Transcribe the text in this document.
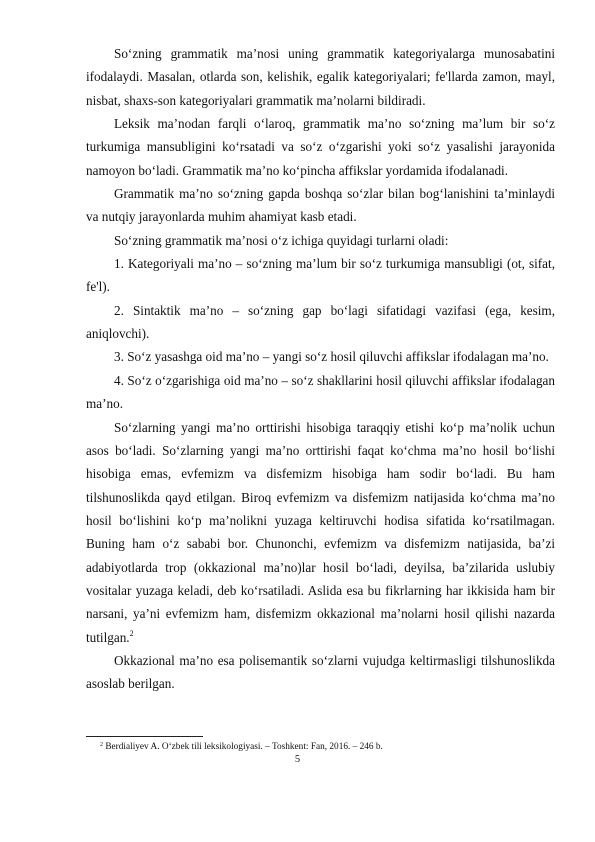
So‘zning grammatik ma’nosi uning grammatik kategoriyalarga munosabatini ifodalaydi. Masalan, otlarda son, kelishik, egalik kategoriyalari; fe'llarda zamon, mayl, nisbat, shaxs-son kategoriyalari grammatik ma’nolarni bildiradi.

Leksik ma’nodan farqli o‘laroq, grammatik ma’no so‘zning ma’lum bir so‘z turkumiga mansubligini ko‘rsatadi va so‘z o‘zgarishi yoki so‘z yasalishi jarayonida namoyon bo‘ladi. Grammatik ma’no ko‘pincha affikslar yordamida ifodalanadi.

Grammatik ma’no so‘zning gapda boshqa so‘zlar bilan bog‘lanishini ta’minlaydi va nutqiy jarayonlarda muhim ahamiyat kasb etadi.

So‘zning grammatik ma’nosi o‘z ichiga quyidagi turlarni oladi:

1. Kategoriyali ma’no – so‘zning ma’lum bir so‘z turkumiga mansubligi (ot, sifat, fe'l).

2. Sintaktik ma’no – so‘zning gap bo‘lagi sifatidagi vazifasi (ega, kesim, aniqlovchi).

3. So‘z yasashga oid ma’no – yangi so‘z hosil qiluvchi affikslar ifodalagan ma’no.

4. So‘z o‘zgarishiga oid ma’no – so‘z shakllarini hosil qiluvchi affikslar ifodalagan ma’no.

So‘zlarning yangi ma’no orttirishi hisobiga taraqqiy etishi ko‘p ma’nolik uchun asos bo‘ladi. So‘zlarning yangi ma’no orttirishi faqat ko‘chma ma’no hosil bo‘lishi hisobiga emas, evfemizm va disfemizm hisobiga ham sodir bo‘ladi. Bu ham tilshunoslikda qayd etilgan. Biroq evfemizm va disfemizm natijasida ko‘chma ma’no hosil bo‘lishini ko‘p ma’nolikni yuzaga keltiruvchi hodisa sifatida ko‘rsatilmagan. Buning ham o‘z sababi bor. Chunonchi, evfemizm va disfemizm natijasida, ba’zi adabiyotlarda trop (okkazional ma’no)lar hosil bo‘ladi, deyilsa, ba’zilarida uslubiy vositalar yuzaga keladi, deb ko‘rsatiladi. Aslida esa bu fikrlarning har ikkisida ham bir narsani, ya’ni evfemizm ham, disfemizm okkazional ma’nolarni hosil qilishi nazarda tutilgan.$^2$

Okkazional ma’no esa polisemantik so‘zlarni vujudga keltirmasligi tilshunoslikda asoslab berilgan.

$^2$ Berdialiyev A. O‘zbek tili leksikologiyasi. – Toshkent: Fan, 2016. – 246 b.
5
